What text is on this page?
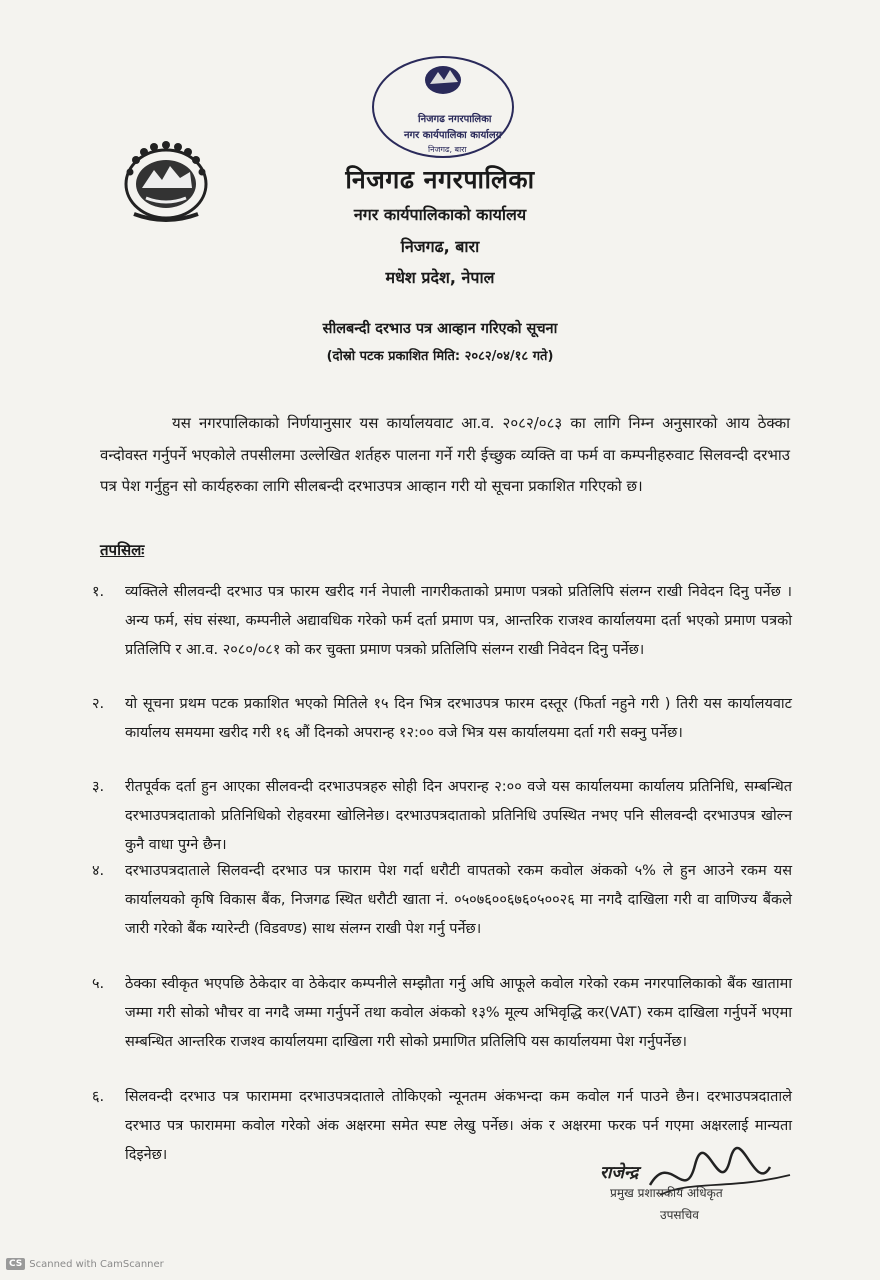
निजगढ नगरपालिका
नगर कार्यपालिका कार्यालय
निजगढ, बारा
निजगढ नगरपालिका
नगर कार्यपालिकाको कार्यालय
निजगढ, बारा
मधेश प्रदेश, नेपाल
सीलबन्दी दरभाउ पत्र आव्हान गरिएको सूचना
(दोस्रो पटक प्रकाशित मिति: २०८२/०४/१८ गते)
यस नगरपालिकाको निर्णयानुसार यस कार्यालयवाट आ.व. २०८२/०८३ का लागि निम्न अनुसारको आय ठेक्का वन्दोवस्त गर्नुपर्ने भएकोले तपसीलमा उल्लेखित शर्तहरु पालना गर्ने गरी ईच्छुक व्यक्ति वा फर्म वा कम्पनीहरुवाट सिलवन्दी दरभाउ पत्र पेश गर्नुहुन सो कार्यहरुका लागि सीलबन्दी दरभाउपत्र आव्हान गरी यो सूचना प्रकाशित गरिएको छ।
तपसिलः
१.	व्यक्तिले सीलवन्दी दरभाउ पत्र फारम खरीद गर्न नेपाली नागरीकताको प्रमाण पत्रको प्रतिलिपि संलग्न राखी निवेदन दिनु पर्नेछ । अन्य फर्म, संघ संस्था, कम्पनीले अद्यावधिक गरेको फर्म दर्ता प्रमाण पत्र, आन्तरिक राजश्व कार्यालयमा दर्ता भएको प्रमाण पत्रको प्रतिलिपि र आ.व. २०८०/०८१ को कर चुक्ता प्रमाण पत्रको प्रतिलिपि संलग्न राखी निवेदन दिनु पर्नेछ।
२.	यो सूचना प्रथम पटक प्रकाशित भएको मितिले १५ दिन भित्र दरभाउपत्र फारम दस्तूर (फिर्ता नहुने गरी ) तिरी यस कार्यालयवाट कार्यालय समयमा खरीद गरी १६ औं दिनको अपरान्ह १२:०० वजे भित्र यस कार्यालयमा दर्ता गरी सक्नु पर्नेछ।
३.	रीतपूर्वक दर्ता हुन आएका सीलवन्दी दरभाउपत्रहरु सोही दिन अपरान्ह २:०० वजे यस कार्यालयमा कार्यालय प्रतिनिधि, सम्बन्धित दरभाउपत्रदाताको प्रतिनिधिको रोहवरमा खोलिनेछ। दरभाउपत्रदाताको प्रतिनिधि उपस्थित नभए पनि सीलवन्दी दरभाउपत्र खोल्न कुनै वाधा पुग्ने छैन।
४.	दरभाउपत्रदाताले सिलवन्दी दरभाउ पत्र फाराम पेश गर्दा धरौटी वापतको रकम कवोल अंकको ५% ले हुन आउने रकम यस कार्यालयको कृषि विकास बैंक, निजगढ स्थित धरौटी खाता नं. ०५०७६००६७६०५००२६ मा नगदै दाखिला गरी वा वाणिज्य बैंकले जारी गरेको बैंक ग्यारेन्टी (विडवण्ड) साथ संलग्न राखी पेश गर्नु पर्नेछ।
५.	ठेक्का स्वीकृत भएपछि ठेकेदार वा ठेकेदार कम्पनीले सम्झौता गर्नु अघि आफूले कवोल गरेको रकम नगरपालिकाको बैंक खातामा जम्मा गरी सोको भौचर वा नगदै जम्मा गर्नुपर्ने तथा कवोल अंकको १३% मूल्य अभिवृद्धि कर(VAT) रकम दाखिला गर्नुपर्ने भएमा सम्बन्धित आन्तरिक राजश्व कार्यालयमा दाखिला गरी सोको प्रमाणित प्रतिलिपि यस कार्यालयमा पेश गर्नुपर्नेछ।
६.	सिलवन्दी दरभाउ पत्र फाराममा दरभाउपत्रदाताले तोकिएको न्यूनतम अंकभन्दा कम कवोल गर्न पाउने छैन। दरभाउपत्रदाताले दरभाउ पत्र फाराममा कवोल गरेको अंक अक्षरमा समेत स्पष्ट लेखु पर्नेछ। अंक र अक्षरमा फरक पर्न गएमा अक्षरलाई मान्यता दिइनेछ।
राजेन्द्र
प्रमुख प्रशासकीय अधिकृत
उपसचिव
CS Scanned with CamScanner
